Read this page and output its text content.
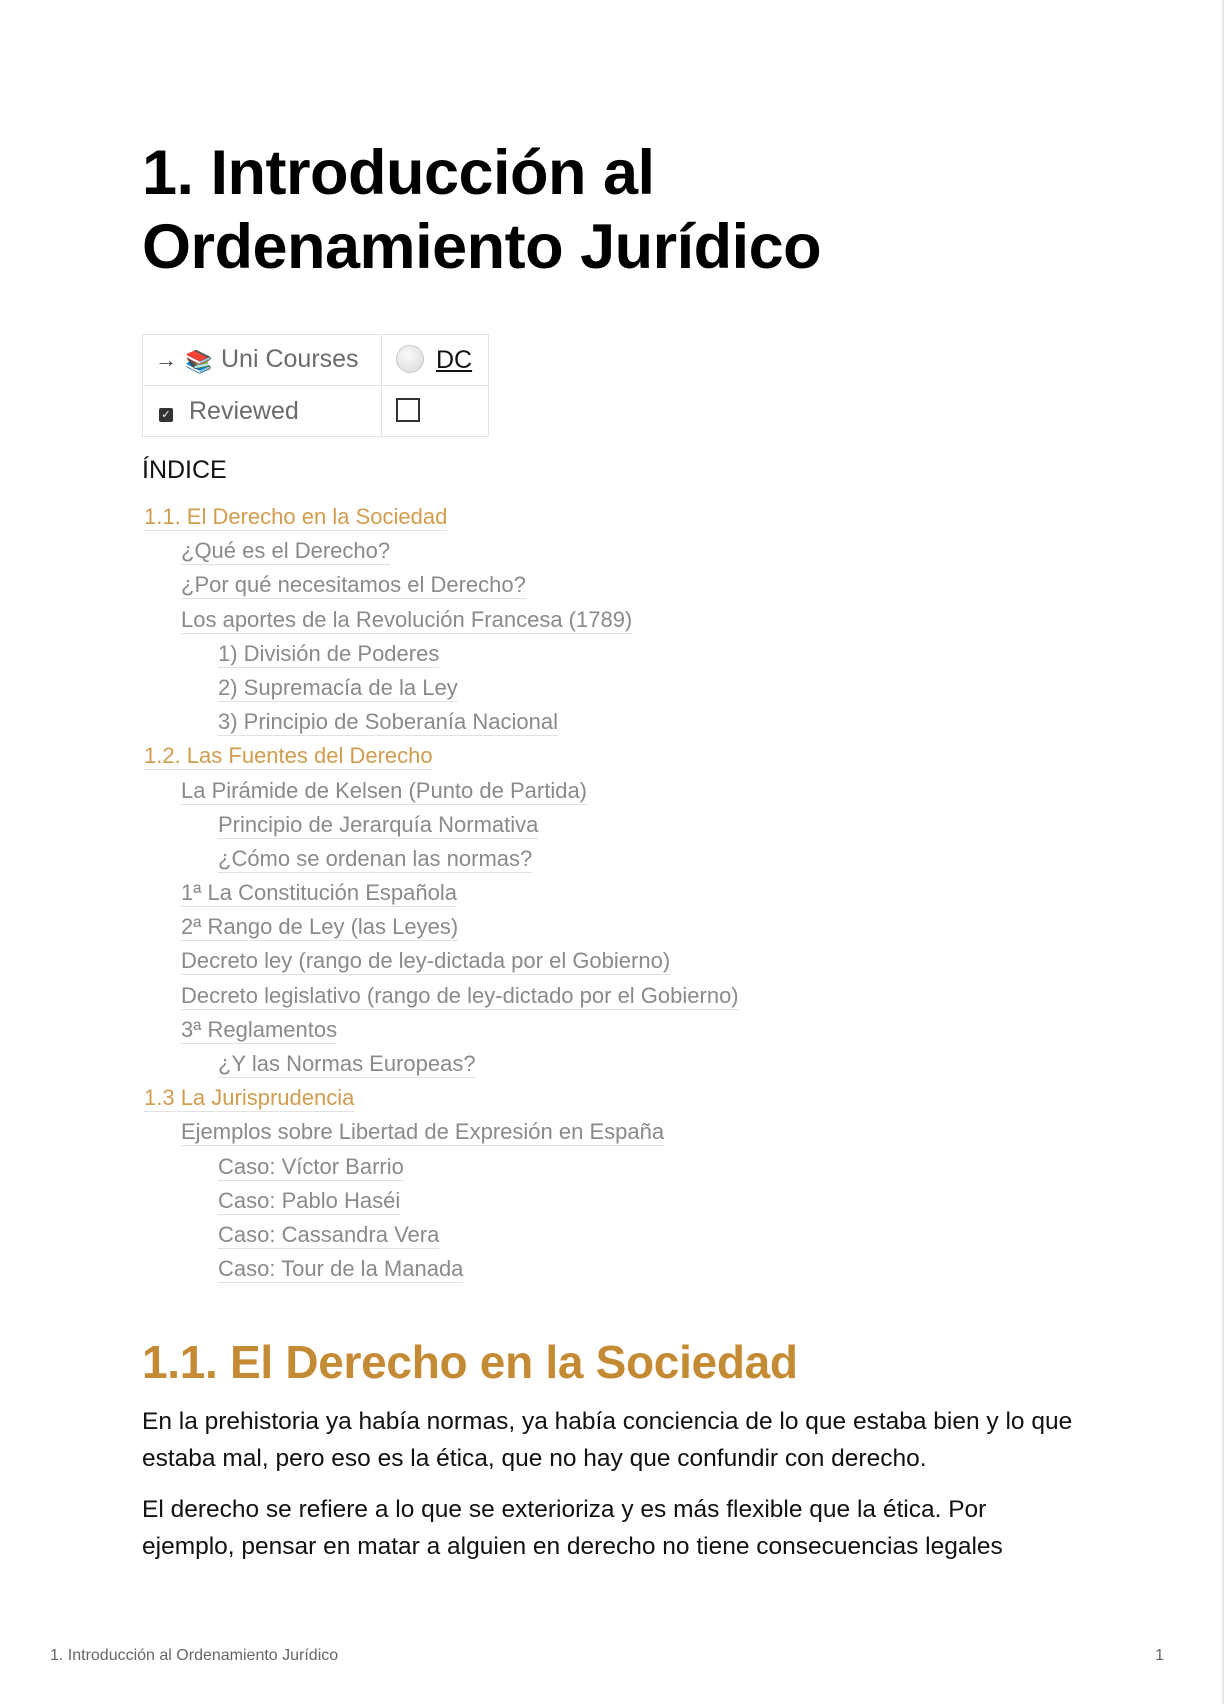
1. Introducción al
Ordenamiento Jurídico
→ 📚 Uni Courses	DC
✓ Reviewed	
ÍNDICE
1.1. El Derecho en la Sociedad
¿Qué es el Derecho?
¿Por qué necesitamos el Derecho?
Los aportes de la Revolución Francesa (1789)
1) División de Poderes
2) Supremacía de la Ley
3) Principio de Soberanía Nacional
1.2. Las Fuentes del Derecho
La Pirámide de Kelsen (Punto de Partida)
Principio de Jerarquía Normativa
¿Cómo se ordenan las normas?
1ª La Constitución Española
2ª Rango de Ley (las Leyes)
Decreto ley (rango de ley-dictada por el Gobierno)
Decreto legislativo (rango de ley-dictado por el Gobierno)
3ª Reglamentos
¿Y las Normas Europeas?
1.3 La Jurisprudencia
Ejemplos sobre Libertad de Expresión en España
Caso: Víctor Barrio
Caso: Pablo Haséi
Caso: Cassandra Vera
Caso: Tour de la Manada
1.1. El Derecho en la Sociedad

En la prehistoria ya había normas, ya había conciencia de lo que estaba bien y lo que estaba mal, pero eso es la ética, que no hay que confundir con derecho.

El derecho se refiere a lo que se exterioriza y es más flexible que la ética. Por ejemplo, pensar en matar a alguien en derecho no tiene consecuencias legales

1. Introducción al Ordenamiento Jurídico	1
